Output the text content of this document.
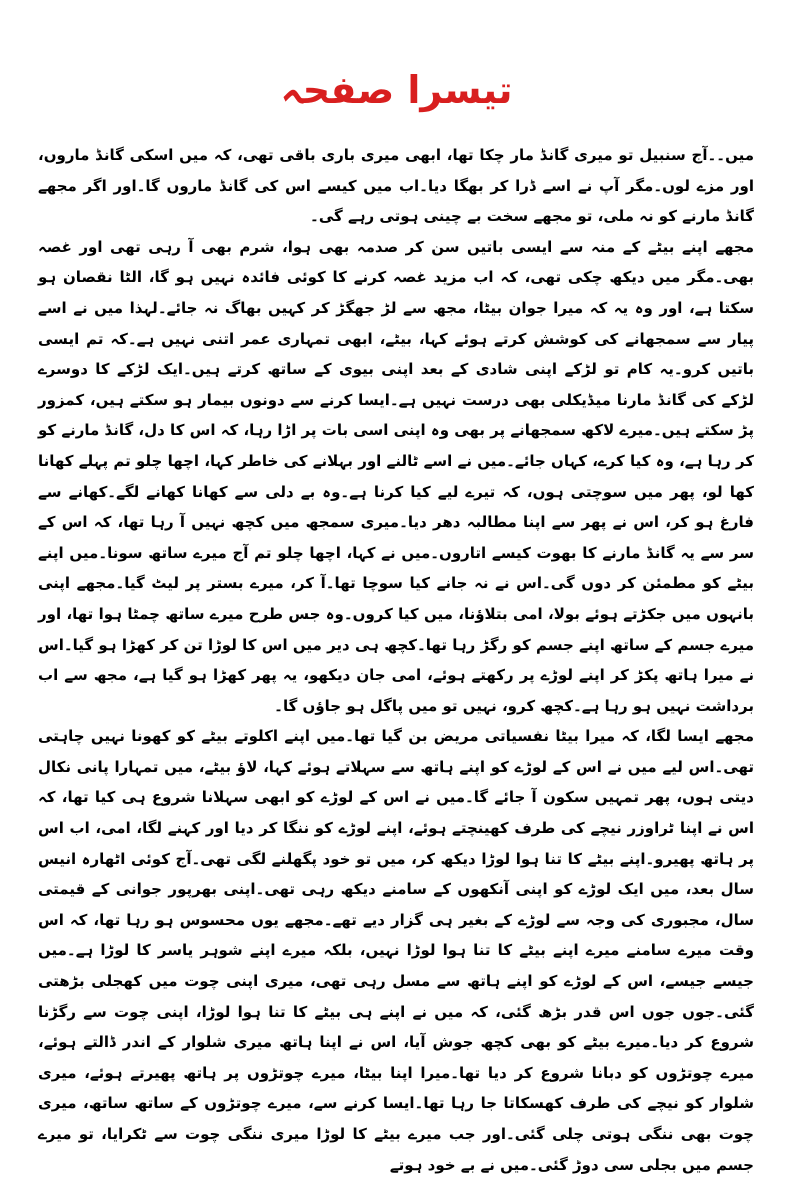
تیسرا صفحہ

میں۔۔آج سنبیل تو میری گانڈ مار چکا تھا، ابھی میری باری باقی تھی، کہ میں اسکی گانڈ ماروں، اور مزے لوں۔مگر آپ نے اسے ڈرا کر بھگا دیا۔اب میں کیسے اس کی گانڈ ماروں گا۔اور اگر مجھے گانڈ مارنے کو نہ ملی، تو مجھے سخت بے چینی ہوتی رہے گی۔

مجھے اپنے بیٹے کے منہ سے ایسی باتیں سن کر صدمہ بھی ہوا، شرم بھی آ رہی تھی اور غصہ بھی۔مگر میں دیکھ چکی تھی، کہ اب مزید غصہ کرنے کا کوئی فائدہ نہیں ہو گا، الٹا نقصان ہو سکتا ہے، اور وہ یہ کہ میرا جوان بیٹا، مجھ سے لڑ جھگڑ کر کہیں بھاگ نہ جائے۔لہذا میں نے اسے پیار سے سمجھانے کی کوشش کرتے ہوئے کہا، بیٹے، ابھی تمہاری عمر اتنی نہیں ہے۔کہ تم ایسی باتیں کرو۔یہ کام تو لڑکے اپنی شادی کے بعد اپنی بیوی کے ساتھ کرتے ہیں۔ایک لڑکے کا دوسرے لڑکے کی گانڈ مارنا میڈیکلی بھی درست نہیں ہے۔ایسا کرنے سے دونوں بیمار ہو سکتے ہیں، کمزور پڑ سکتے ہیں۔میرے لاکھ سمجھانے پر بھی وہ اپنی اسی بات پر اڑا رہا، کہ اس کا دل، گانڈ مارنے کو کر رہا ہے، وہ کیا کرے، کہاں جائے۔میں نے اسے ٹالنے اور بہلانے کی خاطر کہا، اچھا چلو تم پہلے کھانا کھا لو، پھر میں سوچتی ہوں، کہ تیرے لیے کیا کرنا ہے۔وہ بے دلی سے کھانا کھانے لگے۔کھانے سے فارغ ہو کر، اس نے پھر سے اپنا مطالبہ دھر دیا۔میری سمجھ میں کچھ نہیں آ رہا تھا، کہ اس کے سر سے یہ گانڈ مارنے کا بھوت کیسے اتاروں۔میں نے کہا، اچھا چلو تم آج میرے ساتھ سونا۔میں اپنے بیٹے کو مطمئن کر دوں گی۔اس نے نہ جانے کیا سوچا تھا۔آ کر، میرے بستر پر لیٹ گیا۔مجھے اپنی بانہوں میں جکڑتے ہوئے بولا، امی بتلاؤنا، میں کیا کروں۔وہ جس طرح میرے ساتھ چمٹا ہوا تھا، اور میرے جسم کے ساتھ اپنے جسم کو رگڑ رہا تھا۔کچھ ہی دیر میں اس کا لوڑا تن کر کھڑا ہو گیا۔اس نے میرا ہاتھ پکڑ کر اپنے لوڑے پر رکھتے ہوئے، امی جان دیکھو، یہ پھر کھڑا ہو گیا ہے، مجھ سے اب برداشت نہیں ہو رہا ہے۔کچھ کرو، نہیں تو میں پاگل ہو جاؤں گا۔

مجھے ایسا لگا، کہ میرا بیٹا نفسیاتی مریض بن گیا تھا۔میں اپنے اکلوتے بیٹے کو کھونا نہیں چاہتی تھی۔اس لیے میں نے اس کے لوڑے کو اپنے ہاتھ سے سہلاتے ہوئے کہا، لاؤ بیٹے، میں تمہارا پانی نکال دیتی ہوں، پھر تمہیں سکون آ جائے گا۔میں نے اس کے لوڑے کو ابھی سہلانا شروع ہی کیا تھا، کہ اس نے اپنا ٹراوزر نیچے کی طرف کھینچتے ہوئے، اپنے لوڑے کو ننگا کر دیا اور کہنے لگا، امی، اب اس پر ہاتھ پھیرو۔اپنے بیٹے کا تنا ہوا لوڑا دیکھ کر، میں تو خود پگھلنے لگی تھی۔آج کوئی اٹھارہ انیس سال بعد، میں ایک لوڑے کو اپنی آنکھوں کے سامنے دیکھ رہی تھی۔اپنی بھرپور جوانی کے قیمتی سال، مجبوری کی وجہ سے لوڑے کے بغیر ہی گزار دیے تھے۔مجھے یوں محسوس ہو رہا تھا، کہ اس وقت میرے سامنے میرے اپنے بیٹے کا تنا ہوا لوڑا نہیں، بلکہ میرے اپنے شوہر یاسر کا لوڑا ہے۔میں جیسے جیسے، اس کے لوڑے کو اپنے ہاتھ سے مسل رہی تھی، میری اپنی چوت میں کھجلی بڑھتی گئی۔جوں جوں اس قدر بڑھ گئی، کہ میں نے اپنے ہی بیٹے کا تنا ہوا لوڑا، اپنی چوت سے رگڑنا شروع کر دیا۔میرے بیٹے کو بھی کچھ جوش آیا، اس نے اپنا ہاتھ میری شلوار کے اندر ڈالتے ہوئے، میرے چوتڑوں کو دبانا شروع کر دیا تھا۔میرا اپنا بیٹا، میرے چوتڑوں پر ہاتھ پھیرتے ہوئے، میری شلوار کو نیچے کی طرف کھسکاتا جا رہا تھا۔ایسا کرنے سے، میرے چوتڑوں کے ساتھ ساتھ، میری چوت بھی ننگی ہوتی چلی گئی۔اور جب میرے بیٹے کا لوڑا میری ننگی چوت سے ٹکرایا، تو میرے جسم میں بجلی سی دوڑ گئی۔میں نے بے خود ہوتے
